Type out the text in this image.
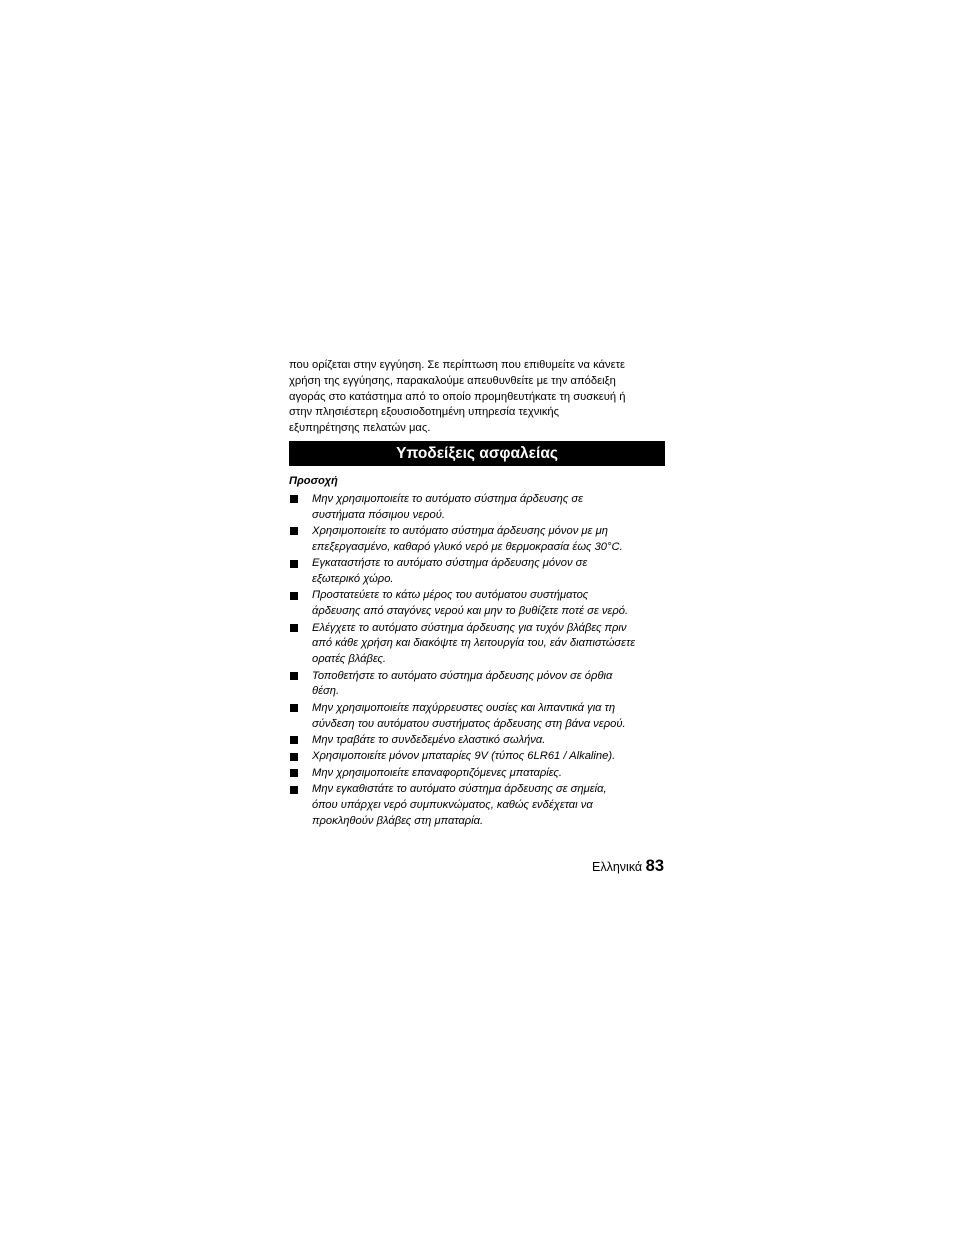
που ορίζεται στην εγγύηση. Σε περίπτωση που επιθυμείτε να κάνετε
χρήση της εγγύησης, παρακαλούμε απευθυνθείτε με την απόδειξη
αγοράς στο κατάστημα από το οποίο προμηθευτήκατε τη συσκευή ή
στην πλησιέστερη εξουσιοδοτημένη υπηρεσία τεχνικής
εξυπηρέτησης πελατών μας.

Υποδείξεις ασφαλείας
Προσοχή
Μην χρησιμοποιείτε το αυτόματο σύστημα άρδευσης σε
συστήματα πόσιμου νερού.
Χρησιμοποιείτε το αυτόματο σύστημα άρδευσης μόνον με μη
επεξεργασμένο, καθαρό γλυκό νερό με θερμοκρασία έως 30°C.
Εγκαταστήστε το αυτόματο σύστημα άρδευσης μόνον σε
εξωτερικό χώρο.
Προστατεύετε το κάτω μέρος του αυτόματου συστήματος
άρδευσης από σταγόνες νερού και μην το βυθίζετε ποτέ σε νερό.
Ελέγχετε το αυτόματο σύστημα άρδευσης για τυχόν βλάβες πριν
από κάθε χρήση και διακόψτε τη λειτουργία του, εάν διαπιστώσετε
ορατές βλάβες.
Τοποθετήστε το αυτόματο σύστημα άρδευσης μόνον σε όρθια
θέση.
Μην χρησιμοποιείτε παχύρρευστες ουσίες και λιπαντικά για τη
σύνδεση του αυτόματου συστήματος άρδευσης στη βάνα νερού.
Μην τραβάτε το συνδεδεμένο ελαστικό σωλήνα.
Χρησιμοποιείτε μόνον μπαταρίες 9V (τύπος 6LR61 / Alkaline).
Μην χρησιμοποιείτε επαναφορτιζόμενες μπαταρίες.
Μην εγκαθιστάτε το αυτόματο σύστημα άρδευσης σε σημεία,
όπου υπάρχει νερό συμπυκνώματος, καθώς ενδέχεται να
προκληθούν βλάβες στη μπαταρία.
Ελληνικά 83
